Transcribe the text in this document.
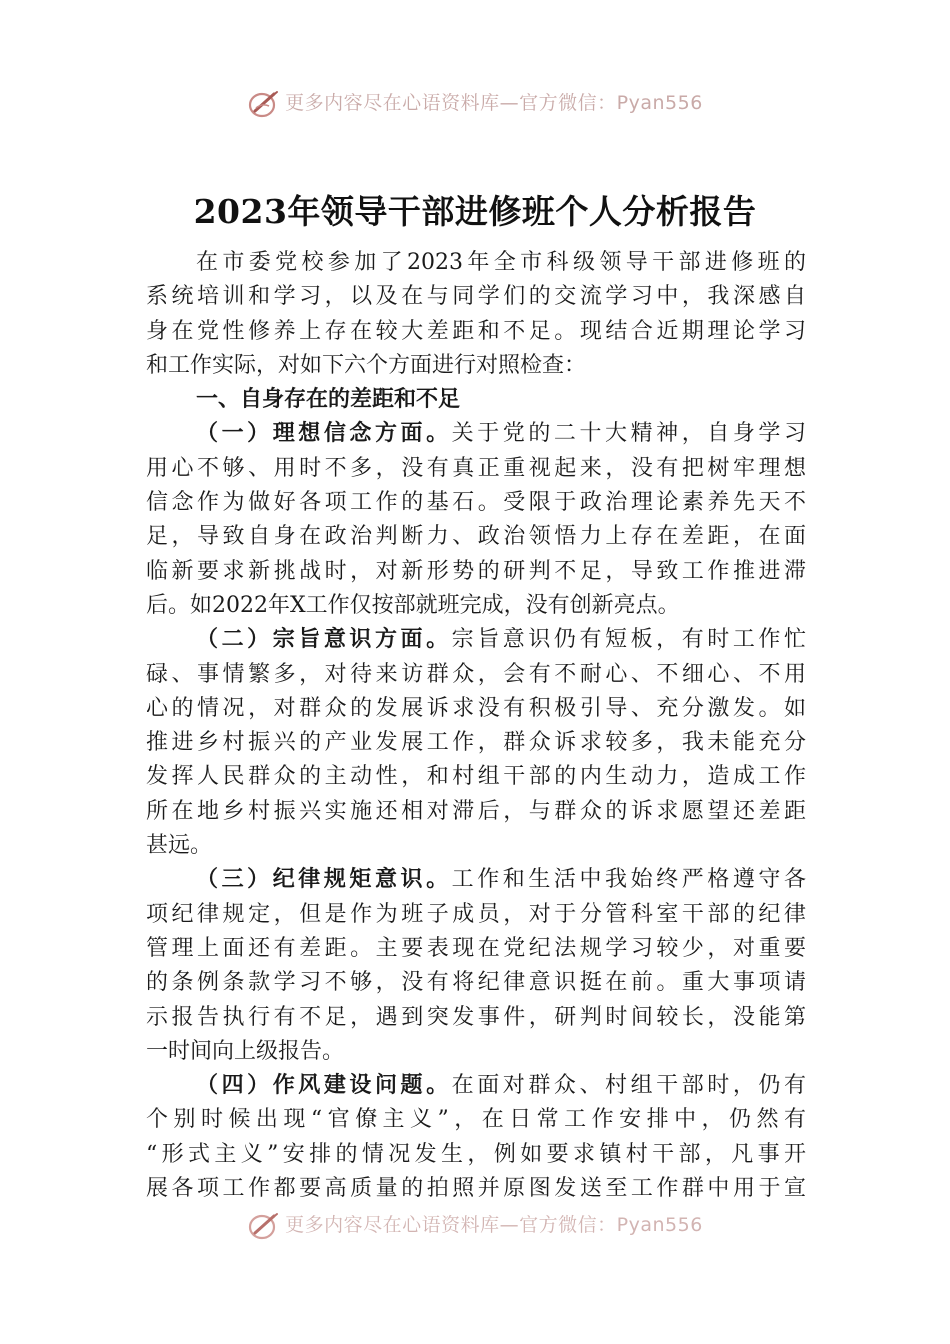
更多内容尽在心语资料库—官方微信：Pyan556
2023年领导干部进修班个人分析报告
在市委党校参加了2023年全市科级领导干部进修班的
系统培训和学习，以及在与同学们的交流学习中，我深感自
身在党性修养上存在较大差距和不足。现结合近期理论学习
和工作实际，对如下六个方面进行对照检查：
一、自身存在的差距和不足
（一）理想信念方面。关于党的二十大精神，自身学习
用心不够、用时不多，没有真正重视起来，没有把树牢理想
信念作为做好各项工作的基石。受限于政治理论素养先天不
足，导致自身在政治判断力、政治领悟力上存在差距，在面
临新要求新挑战时，对新形势的研判不足，导致工作推进滞
后。如2022年X工作仅按部就班完成，没有创新亮点。
（二）宗旨意识方面。宗旨意识仍有短板，有时工作忙
碌、事情繁多，对待来访群众，会有不耐心、不细心、不用
心的情况，对群众的发展诉求没有积极引导、充分激发。如
推进乡村振兴的产业发展工作，群众诉求较多，我未能充分
发挥人民群众的主动性，和村组干部的内生动力，造成工作
所在地乡村振兴实施还相对滞后，与群众的诉求愿望还差距
甚远。
（三）纪律规矩意识。工作和生活中我始终严格遵守各
项纪律规定，但是作为班子成员，对于分管科室干部的纪律
管理上面还有差距。主要表现在党纪法规学习较少，对重要
的条例条款学习不够，没有将纪律意识挺在前。重大事项请
示报告执行有不足，遇到突发事件，研判时间较长，没能第
一时间向上级报告。
（四）作风建设问题。在面对群众、村组干部时，仍有
个别时候出现“官僚主义”，在日常工作安排中，仍然有
“形式主义”安排的情况发生，例如要求镇村干部，凡事开
展各项工作都要高质量的拍照并原图发送至工作群中用于宣
更多内容尽在心语资料库—官方微信：Pyan556
